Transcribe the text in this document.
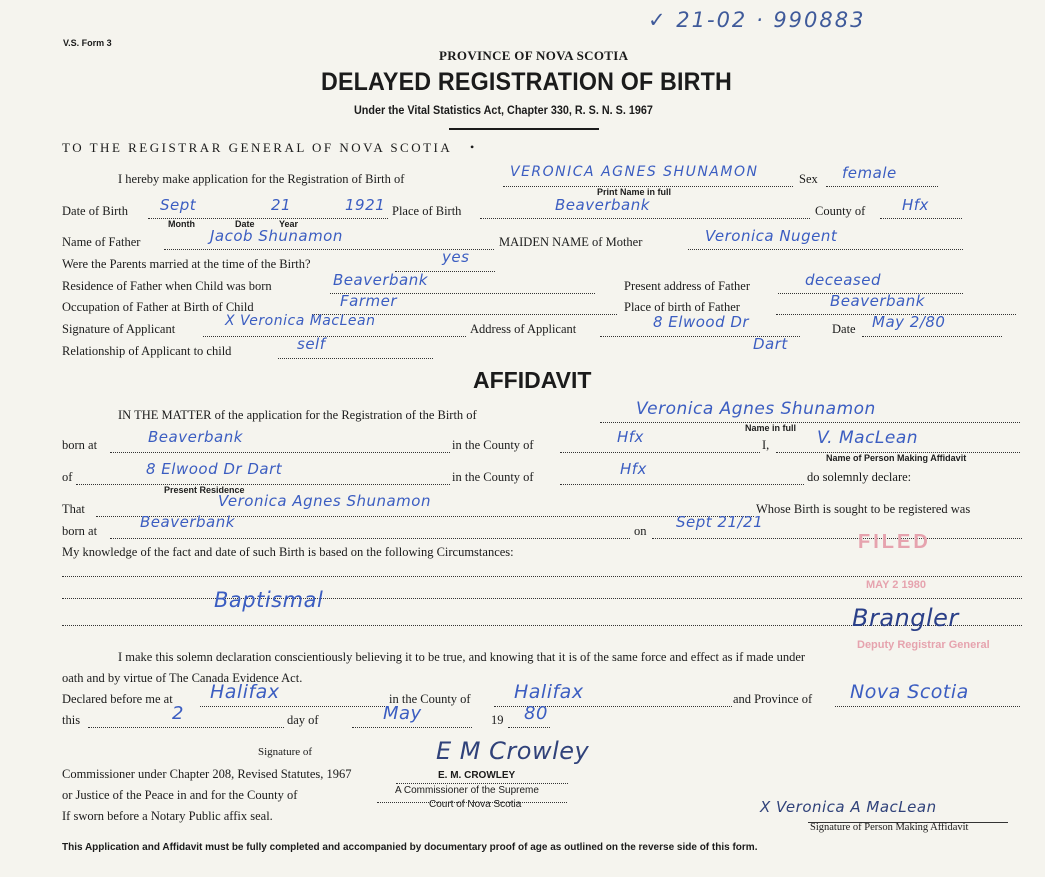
V.S. Form 3
✓ 21-02 · 990883
PROVINCE OF NOVA SCOTIA
DELAYED REGISTRATION OF BIRTH
Under the Vital Statistics Act, Chapter 330, R. S. N. S. 1967
TO THE REGISTRAR GENERAL OF NOVA SCOTIA •
I hereby make application for the Registration of Birth of	VERONICA AGNES SHUNAMON
Print Name in full
Sex female
Date of Birth Sept	21	1921
Month	Date	Year
Place of Birth	Beaverbank	County of Hfx
Name of Father	Jacob Shunamon	MAIDEN NAME of Mother	Veronica Nugent
Were the Parents married at the time of the Birth?	yes
Residence of Father when Child was born	Beaverbank	Present address of Father	deceased
Occupation of Father at Birth of Child	Farmer	Place of birth of Father	Beaverbank
Signature of Applicant	X Veronica MacLean	Address of Applicant	8 Elwood Dr	Date May 2/80
Relationship of Applicant to child	self	Dart
AFFIDAVIT
IN THE MATTER of the application for the Registration of the Birth of	Veronica Agnes Shunamon
Name in full
born at	Beaverbank	in the County of	Hfx	I,	V. MacLean
Name of Person Making Affidavit
of	8 Elwood Dr Dart
Present Residence
in the County of	Hfx	do solemnly declare:
That	Veronica Agnes Shunamon	Whose Birth is sought to be registered was
born at	Beaverbank	on Sept 21/21
My knowledge of the fact and date of such Birth is based on the following Circumstances:
Baptismal
FILED
MAY 2 1980
Brangler
Deputy Registrar General
I make this solemn declaration conscientiously believing it to be true, and knowing that it is of the same force and effect as if made under
oath and by virtue of The Canada Evidence Act.
Declared before me at Halifax	in the County of Halifax	and Province of Nova Scotia
this	2	day of	May	19 80
Signature of	E M Crowley
Commissioner under Chapter 208, Revised Statutes, 1967	E. M. CROWLEY
or Justice of the Peace in and for the County of	A Commissioner of the Supreme
Court of Nova Scotia
If sworn before a Notary Public affix seal.	X Veronica A MacLean
Signature of Person Making Affidavit
This Application and Affidavit must be fully completed and accompanied by documentary proof of age as outlined on the reverse side of this form.
